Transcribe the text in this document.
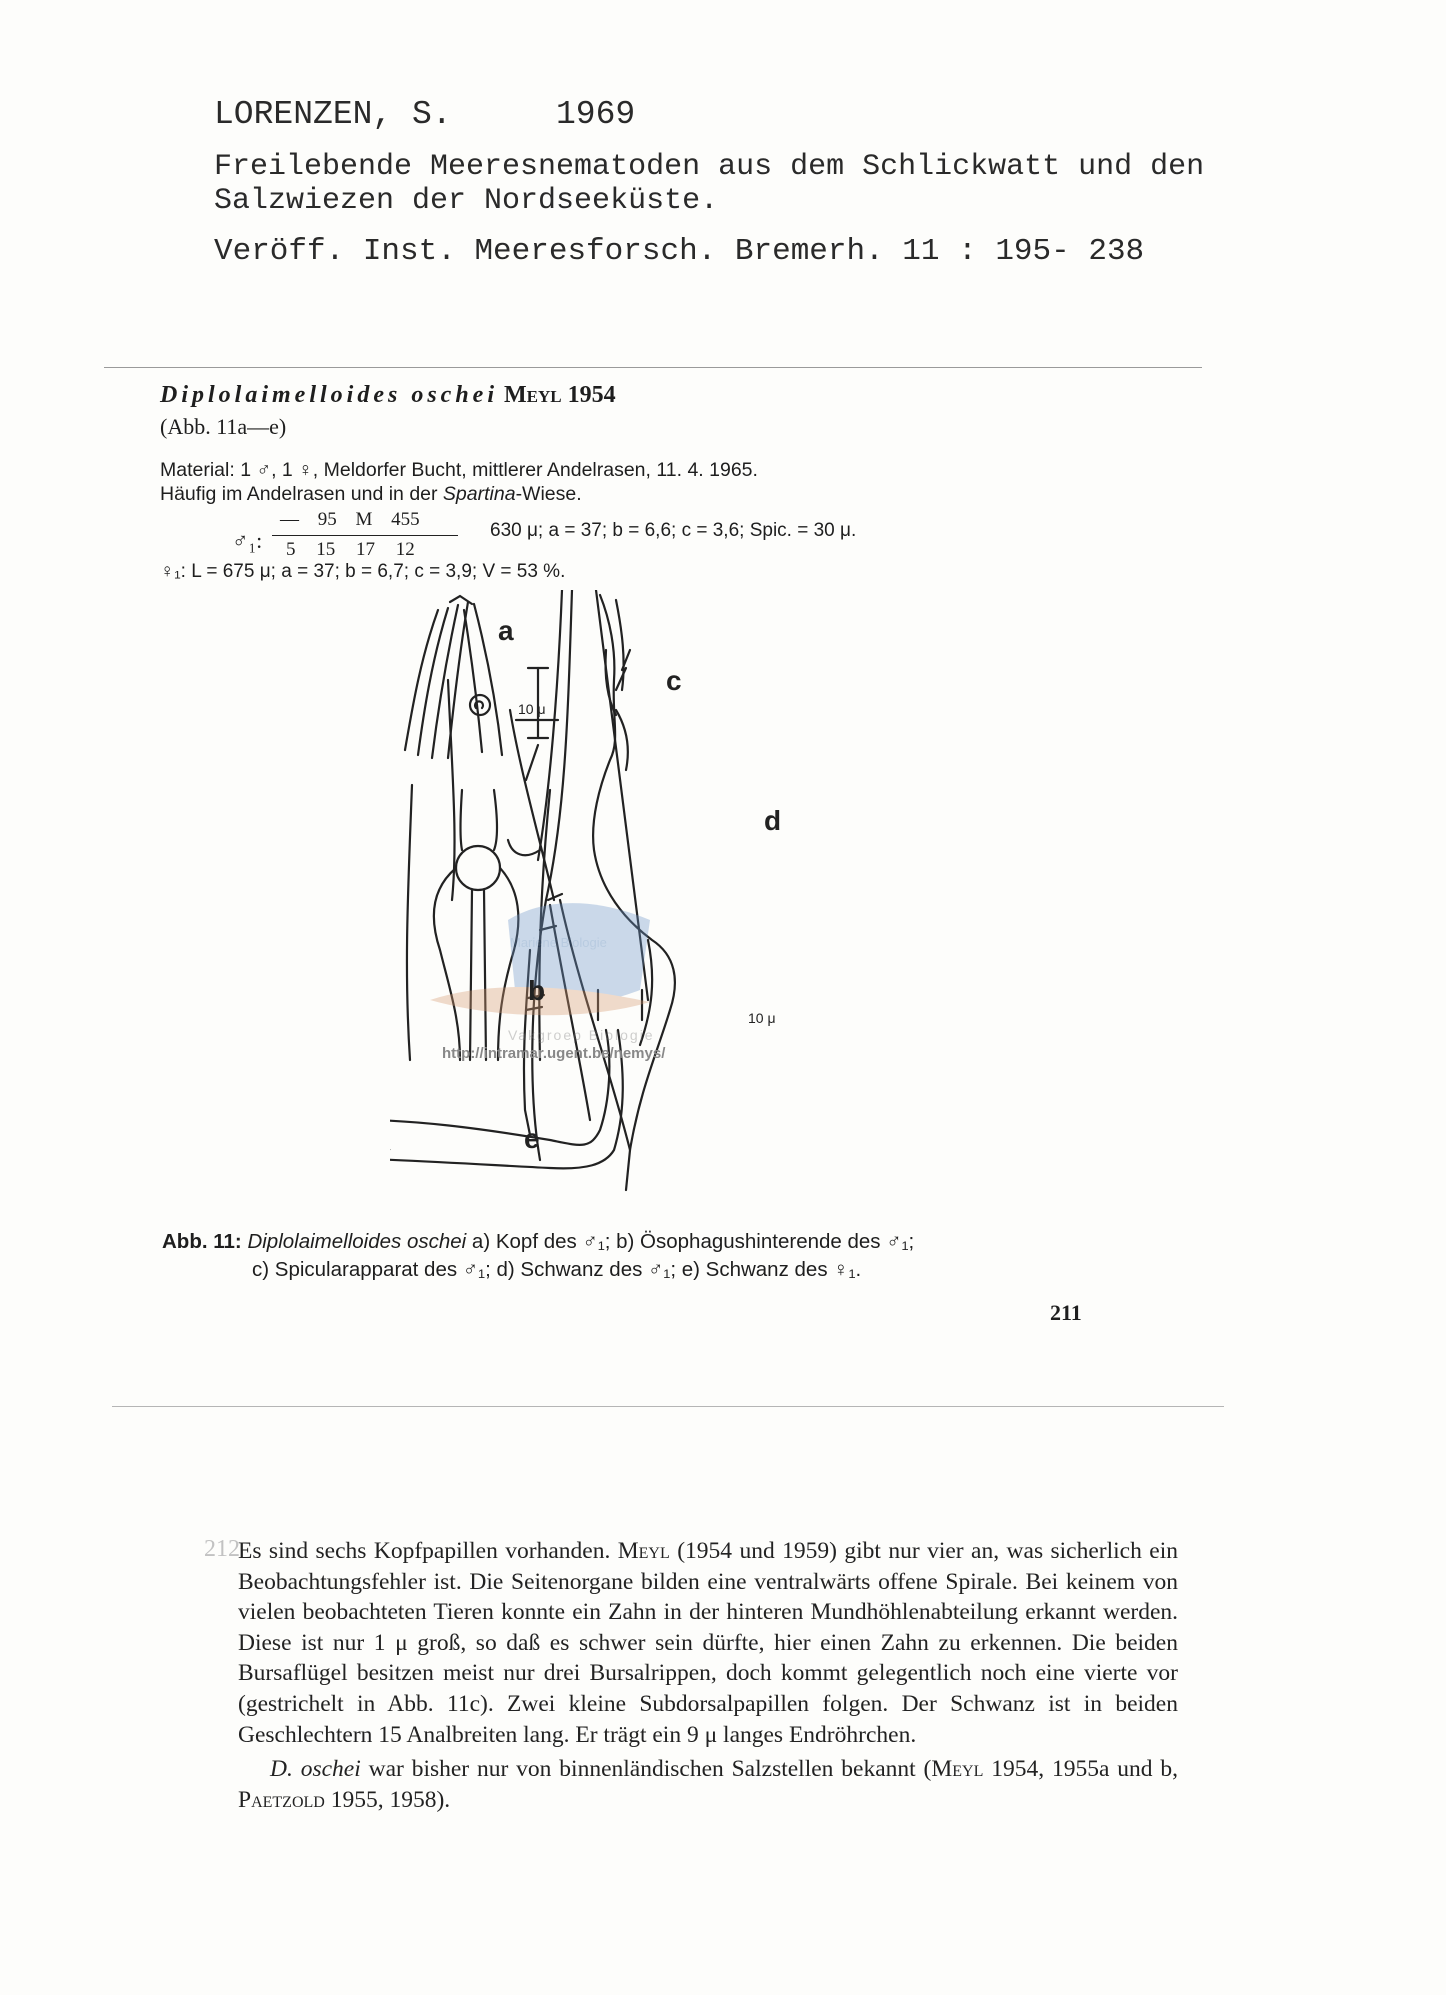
LORENZEN, S.	1969
Freilebende Meeresnematoden aus dem Schlickwatt und den
Salzwiezen der Nordseeküste.
Veröff. Inst. Meeresforsch. Bremerh. 11 : 195- 238
Diplolaimelloides oschei Meyl 1954
(Abb. 11a—e)
Material: 1 ♂, 1 ♀, Meldorfer Bucht, mittlerer Andelrasen, 11. 4. 1965.
Häufig im Andelrasen und in der Spartina-Wiese.
♂₁:
— 95 M 455
5 15 17 12
630 μ; a = 37; b = 6,6; c = 3,6; Spic. = 30 μ.
♀₁: L = 675 μ; a = 37; b = 6,7; c = 3,9; V = 53 %.
Mariene Biologie
Vakgroep Biologie
http://intramar.ugent.be/nemys/
a
b
c
d
e
10 μ
10 μ
Abb. 11: Diplolaimelloides oschei a) Kopf des ♂₁; b) Ösophagushinterende des ♂₁;
c) Spicularapparat des ♂₁; d) Schwanz des ♂₁; e) Schwanz des ♀₁.
211
212

Es sind sechs Kopfpapillen vorhanden. Meyl (1954 und 1959) gibt nur vier an, was sicherlich ein Beobachtungsfehler ist. Die Seitenorgane bilden eine ventralwärts offene Spirale. Bei keinem von vielen beobachteten Tieren konnte ein Zahn in der hinteren Mundhöhlenabteilung erkannt werden. Diese ist nur 1 μ groß, so daß es schwer sein dürfte, hier einen Zahn zu erkennen. Die beiden Bursaflügel besitzen meist nur drei Bursalrippen, doch kommt gelegentlich noch eine vierte vor (gestrichelt in Abb. 11c). Zwei kleine Subdorsalpapillen folgen. Der Schwanz ist in beiden Geschlechtern 15 Analbreiten lang. Er trägt ein 9 μ langes Endröhrchen.

D. oschei war bisher nur von binnenländischen Salzstellen bekannt (Meyl 1954, 1955a und b, Paetzold 1955, 1958).
